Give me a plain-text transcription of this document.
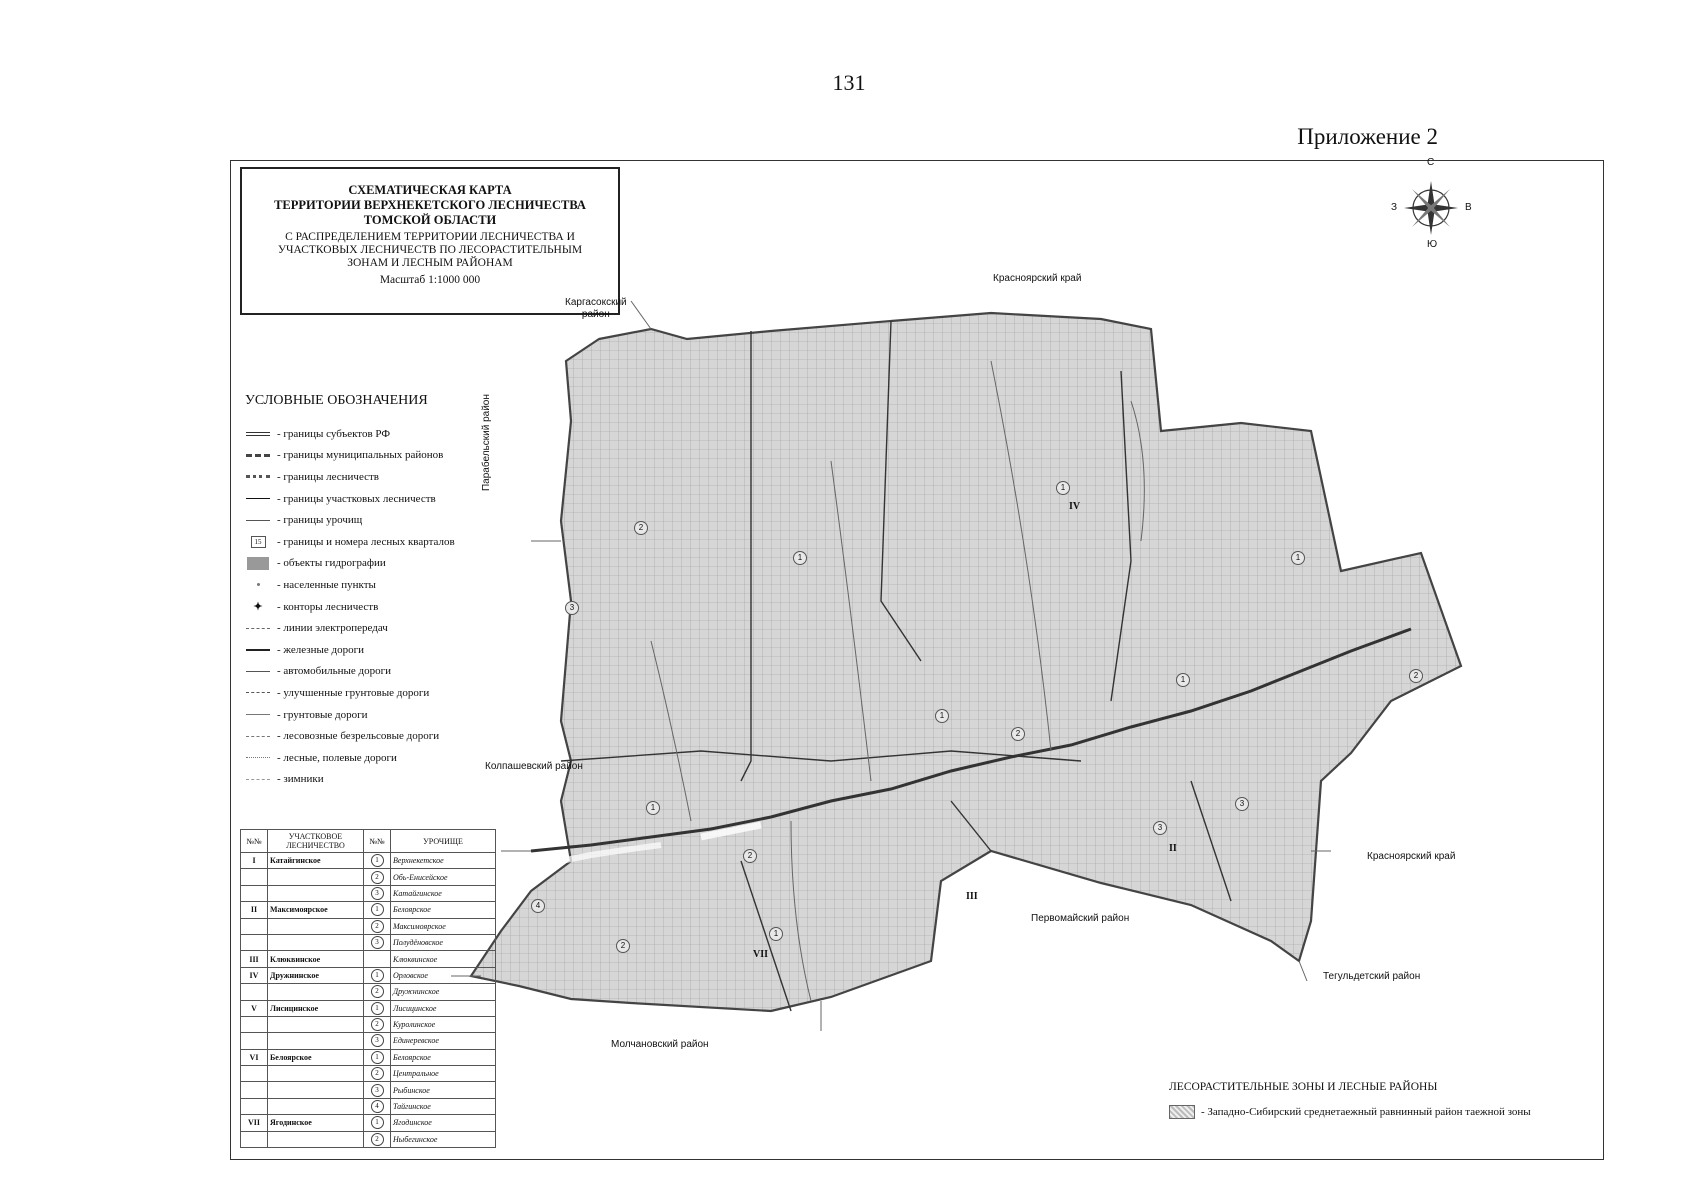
131
Приложение 2
СХЕМАТИЧЕСКАЯ КАРТА
ТЕРРИТОРИИ ВЕРХНЕКЕТСКОГО ЛЕСНИЧЕСТВА
ТОМСКОЙ ОБЛАСТИ
С РАСПРЕДЕЛЕНИЕМ ТЕРРИТОРИИ ЛЕСНИЧЕСТВА И
УЧАСТКОВЫХ ЛЕСНИЧЕСТВ ПО ЛЕСОРАСТИТЕЛЬНЫМ
ЗОНАМ И ЛЕСНЫМ РАЙОНАМ
Масштаб 1:1000 000
С
Ю
З	В
УСЛОВНЫЕ ОБОЗНАЧЕНИЯ
- границы субъектов РФ
- границы муниципальных районов
- границы лесничеств
- границы участковых лесничеств
- границы урочищ
15	- границы и номера лесных кварталов
- объекты гидрографии
- населенные пункты
✦ - конторы лесничеств
- линии электропередач
- железные дороги
- автомобильные дороги
- улучшенные грунтовые дороги
- грунтовые дороги
- лесовозные безрельсовые дороги
- лесные, полевые дороги
- зимники
№№	УЧАСТКОВОЕ ЛЕСНИЧЕСТВО	№№	УРОЧИЩЕ
I	Катайгинское	1	Верхнекетское
		2	Обь-Енисейское
		3	Катайгинское
II	Максимоярское	1	Белоярское
		2	Максимоярское
		3	Полудёновское
III	Клюквинское		Клюквинское
IV	Дружнинское	1	Орловское
		2	Дружнинское
V	Лисицинское	1	Лисицинское
		2	Куролинское
		3	Единеревское
VI	Белоярское	1	Белоярское
		2	Центральное
		3	Рыбинское
		4	Тайгинское
VII	Ягодинское	1	Ягодинское
		2	Ныбегинское
Красноярский край
Каргасокский
район
Парабельский район
Колпашевский район
Молчановский район
Первомайский район
Тегульдетский район
Красноярский край
IV
II
III
VII
1
2
3
1	1
2
1
2
1
4
2
1
3
2
1
3
ЛЕСОРАСТИТЕЛЬНЫЕ ЗОНЫ И ЛЕСНЫЕ РАЙОНЫ
- Западно-Сибирский среднетаежный равнинный район таежной зоны
